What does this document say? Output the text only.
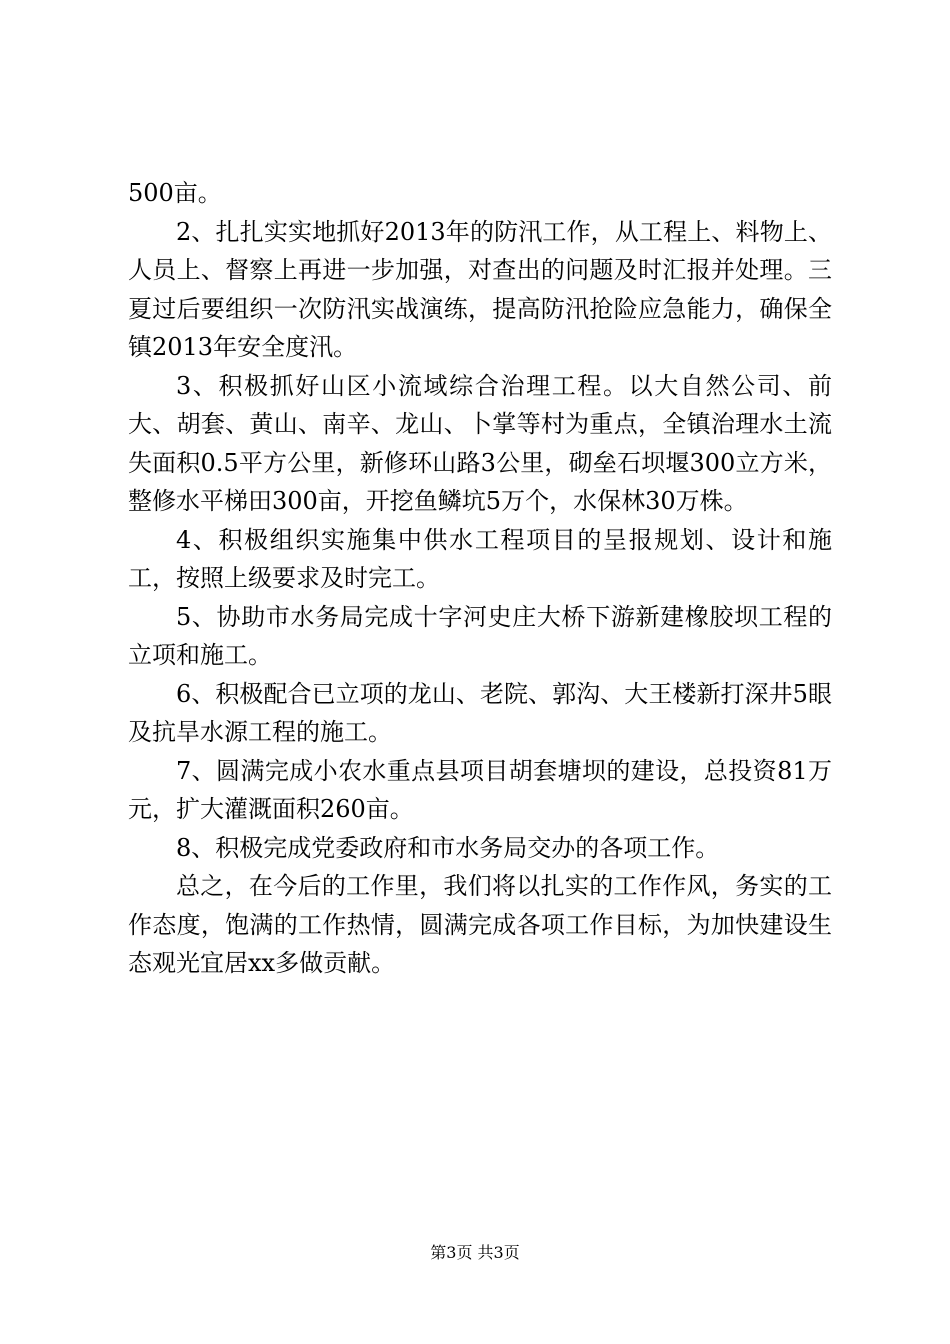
500亩。

2、扎扎实实地抓好2013年的防汛工作，从工程上、料物上、人员上、督察上再进一步加强，对查出的问题及时汇报并处理。三夏过后要组织一次防汛实战演练，提高防汛抢险应急能力，确保全镇2013年安全度汛。

3、积极抓好山区小流域综合治理工程。以大自然公司、前大、胡套、黄山、南辛、龙山、卜掌等村为重点，全镇治理水土流失面积0.5平方公里，新修环山路3公里，砌垒石坝堰300立方米，整修水平梯田300亩，开挖鱼鳞坑5万个，水保林30万株。

4、积极组织实施集中供水工程项目的呈报规划、设计和施工，按照上级要求及时完工。

5、协助市水务局完成十字河史庄大桥下游新建橡胶坝工程的立项和施工。

6、积极配合已立项的龙山、老院、郭沟、大王楼新打深井5眼及抗旱水源工程的施工。

7、圆满完成小农水重点县项目胡套塘坝的建设，总投资81万元，扩大灌溉面积260亩。

8、积极完成党委政府和市水务局交办的各项工作。

总之，在今后的工作里，我们将以扎实的工作作风，务实的工作态度，饱满的工作热情，圆满完成各项工作目标，为加快建设生态观光宜居xx多做贡献。

第3页 共3页
